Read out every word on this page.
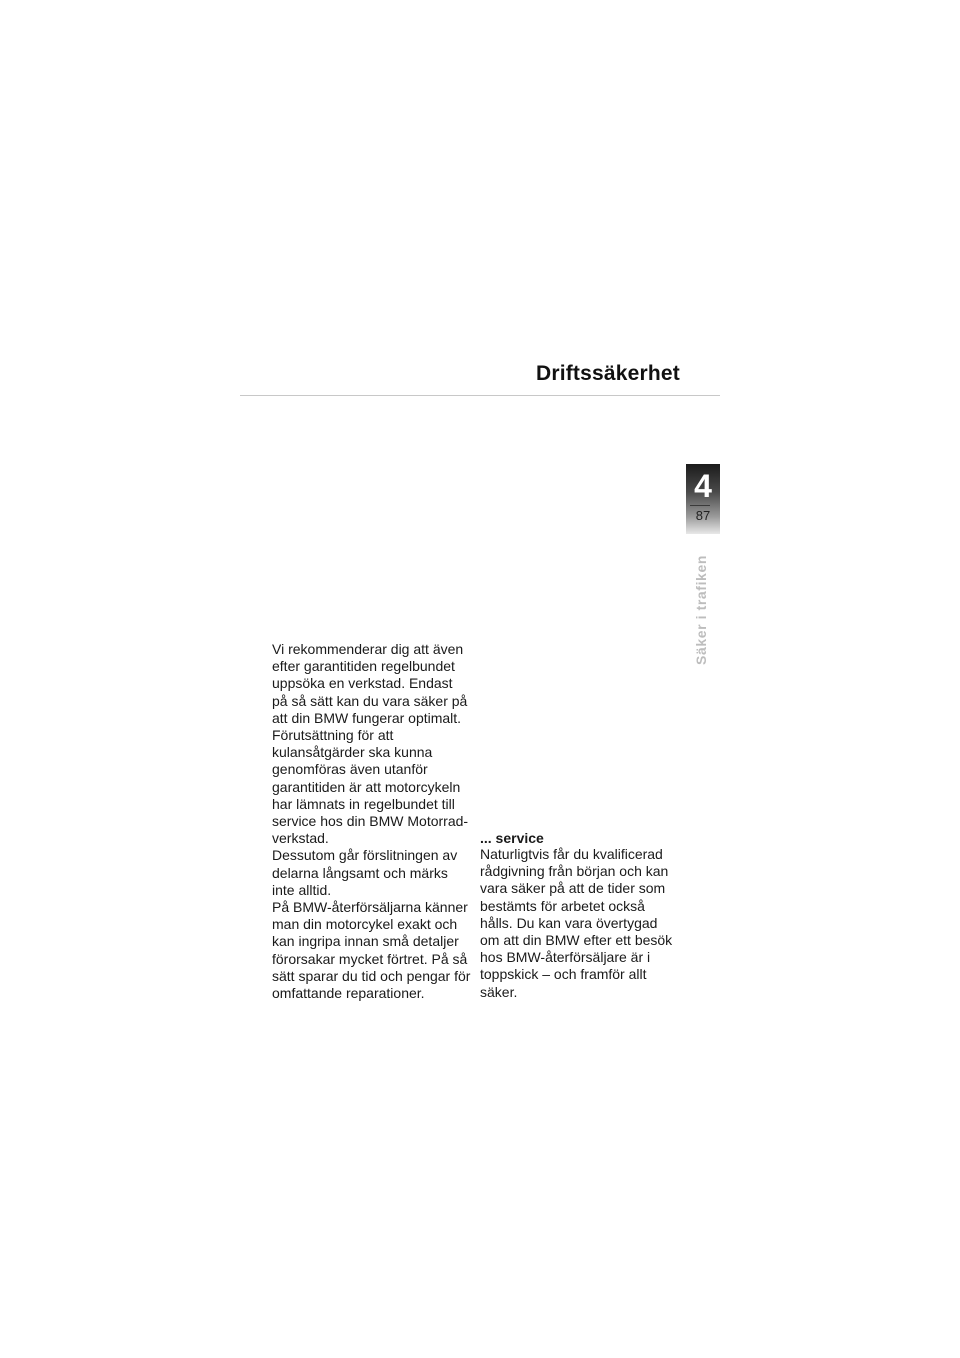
Driftssäkerhet
4
87
Säker i trafiken

Vi rekommenderar dig att även efter garantitiden regelbundet uppsöka en verkstad. Endast på så sätt kan du vara säker på att din BMW fungerar optimalt.

Förutsättning för att kulansåtgärder ska kunna genomföras även utanför garantitiden är att motorcykeln har lämnats in regelbundet till service hos din BMW Motorrad-verkstad.

Dessutom går förslitningen av delarna långsamt och märks inte alltid.

På BMW-återförsäljarna känner man din motorcykel exakt och kan ingripa innan små detaljer förorsakar mycket förtret. På så sätt sparar du tid och pengar för omfattande reparationer.

... service

Naturligtvis får du kvalificerad rådgivning från början och kan vara säker på att de tider som bestämts för arbetet också hålls. Du kan vara övertygad om att din BMW efter ett besök hos BMW-återförsäljare är i toppskick – och framför allt säker.
